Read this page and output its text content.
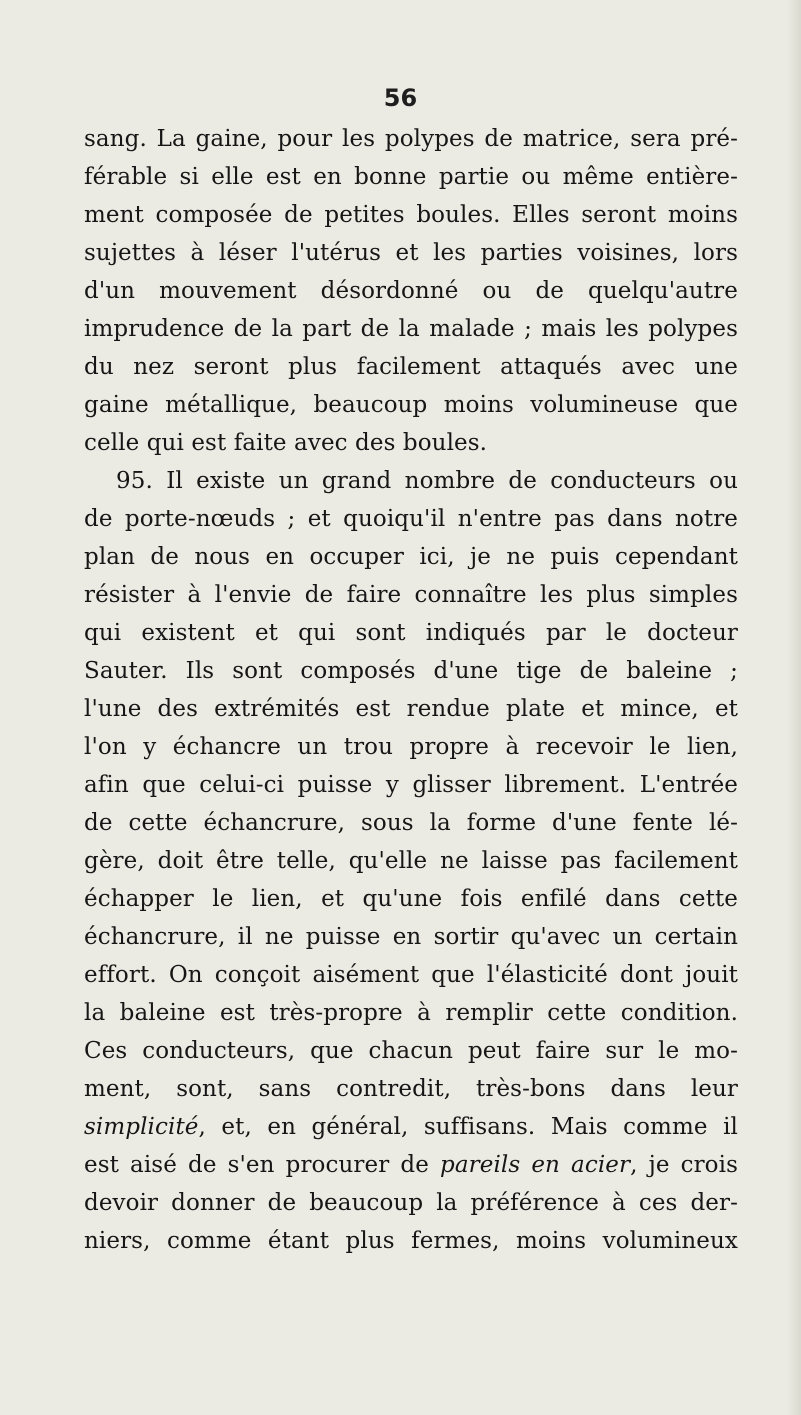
56
sang. La gaine, pour les polypes de matrice, sera pré-
férable si elle est en bonne partie ou même entière-
ment composée de petites boules. Elles seront moins
sujettes à léser l'utérus et les parties voisines, lors
d'un mouvement désordonné ou de quelqu'autre
imprudence de la part de la malade ; mais les polypes
du nez seront plus facilement attaqués avec une
gaine métallique, beaucoup moins volumineuse que
celle qui est faite avec des boules.
95. Il existe un grand nombre de conducteurs ou
de porte-nœuds ; et quoiqu'il n'entre pas dans notre
plan de nous en occuper ici, je ne puis cependant
résister à l'envie de faire connaître les plus simples
qui existent et qui sont indiqués par le docteur
Sauter. Ils sont composés d'une tige de baleine ;
l'une des extrémités est rendue plate et mince, et
l'on y échancre un trou propre à recevoir le lien,
afin que celui-ci puisse y glisser librement. L'entrée
de cette échancrure, sous la forme d'une fente lé-
gère, doit être telle, qu'elle ne laisse pas facilement
échapper le lien, et qu'une fois enfilé dans cette
échancrure, il ne puisse en sortir qu'avec un certain
effort. On conçoit aisément que l'élasticité dont jouit
la baleine est très-propre à remplir cette condition.
Ces conducteurs, que chacun peut faire sur le mo-
ment, sont, sans contredit, très-bons dans leur
simplicité, et, en général, suffisans. Mais comme il
est aisé de s'en procurer de pareils en acier, je crois
devoir donner de beaucoup la préférence à ces der-
niers, comme étant plus fermes, moins volumineux
